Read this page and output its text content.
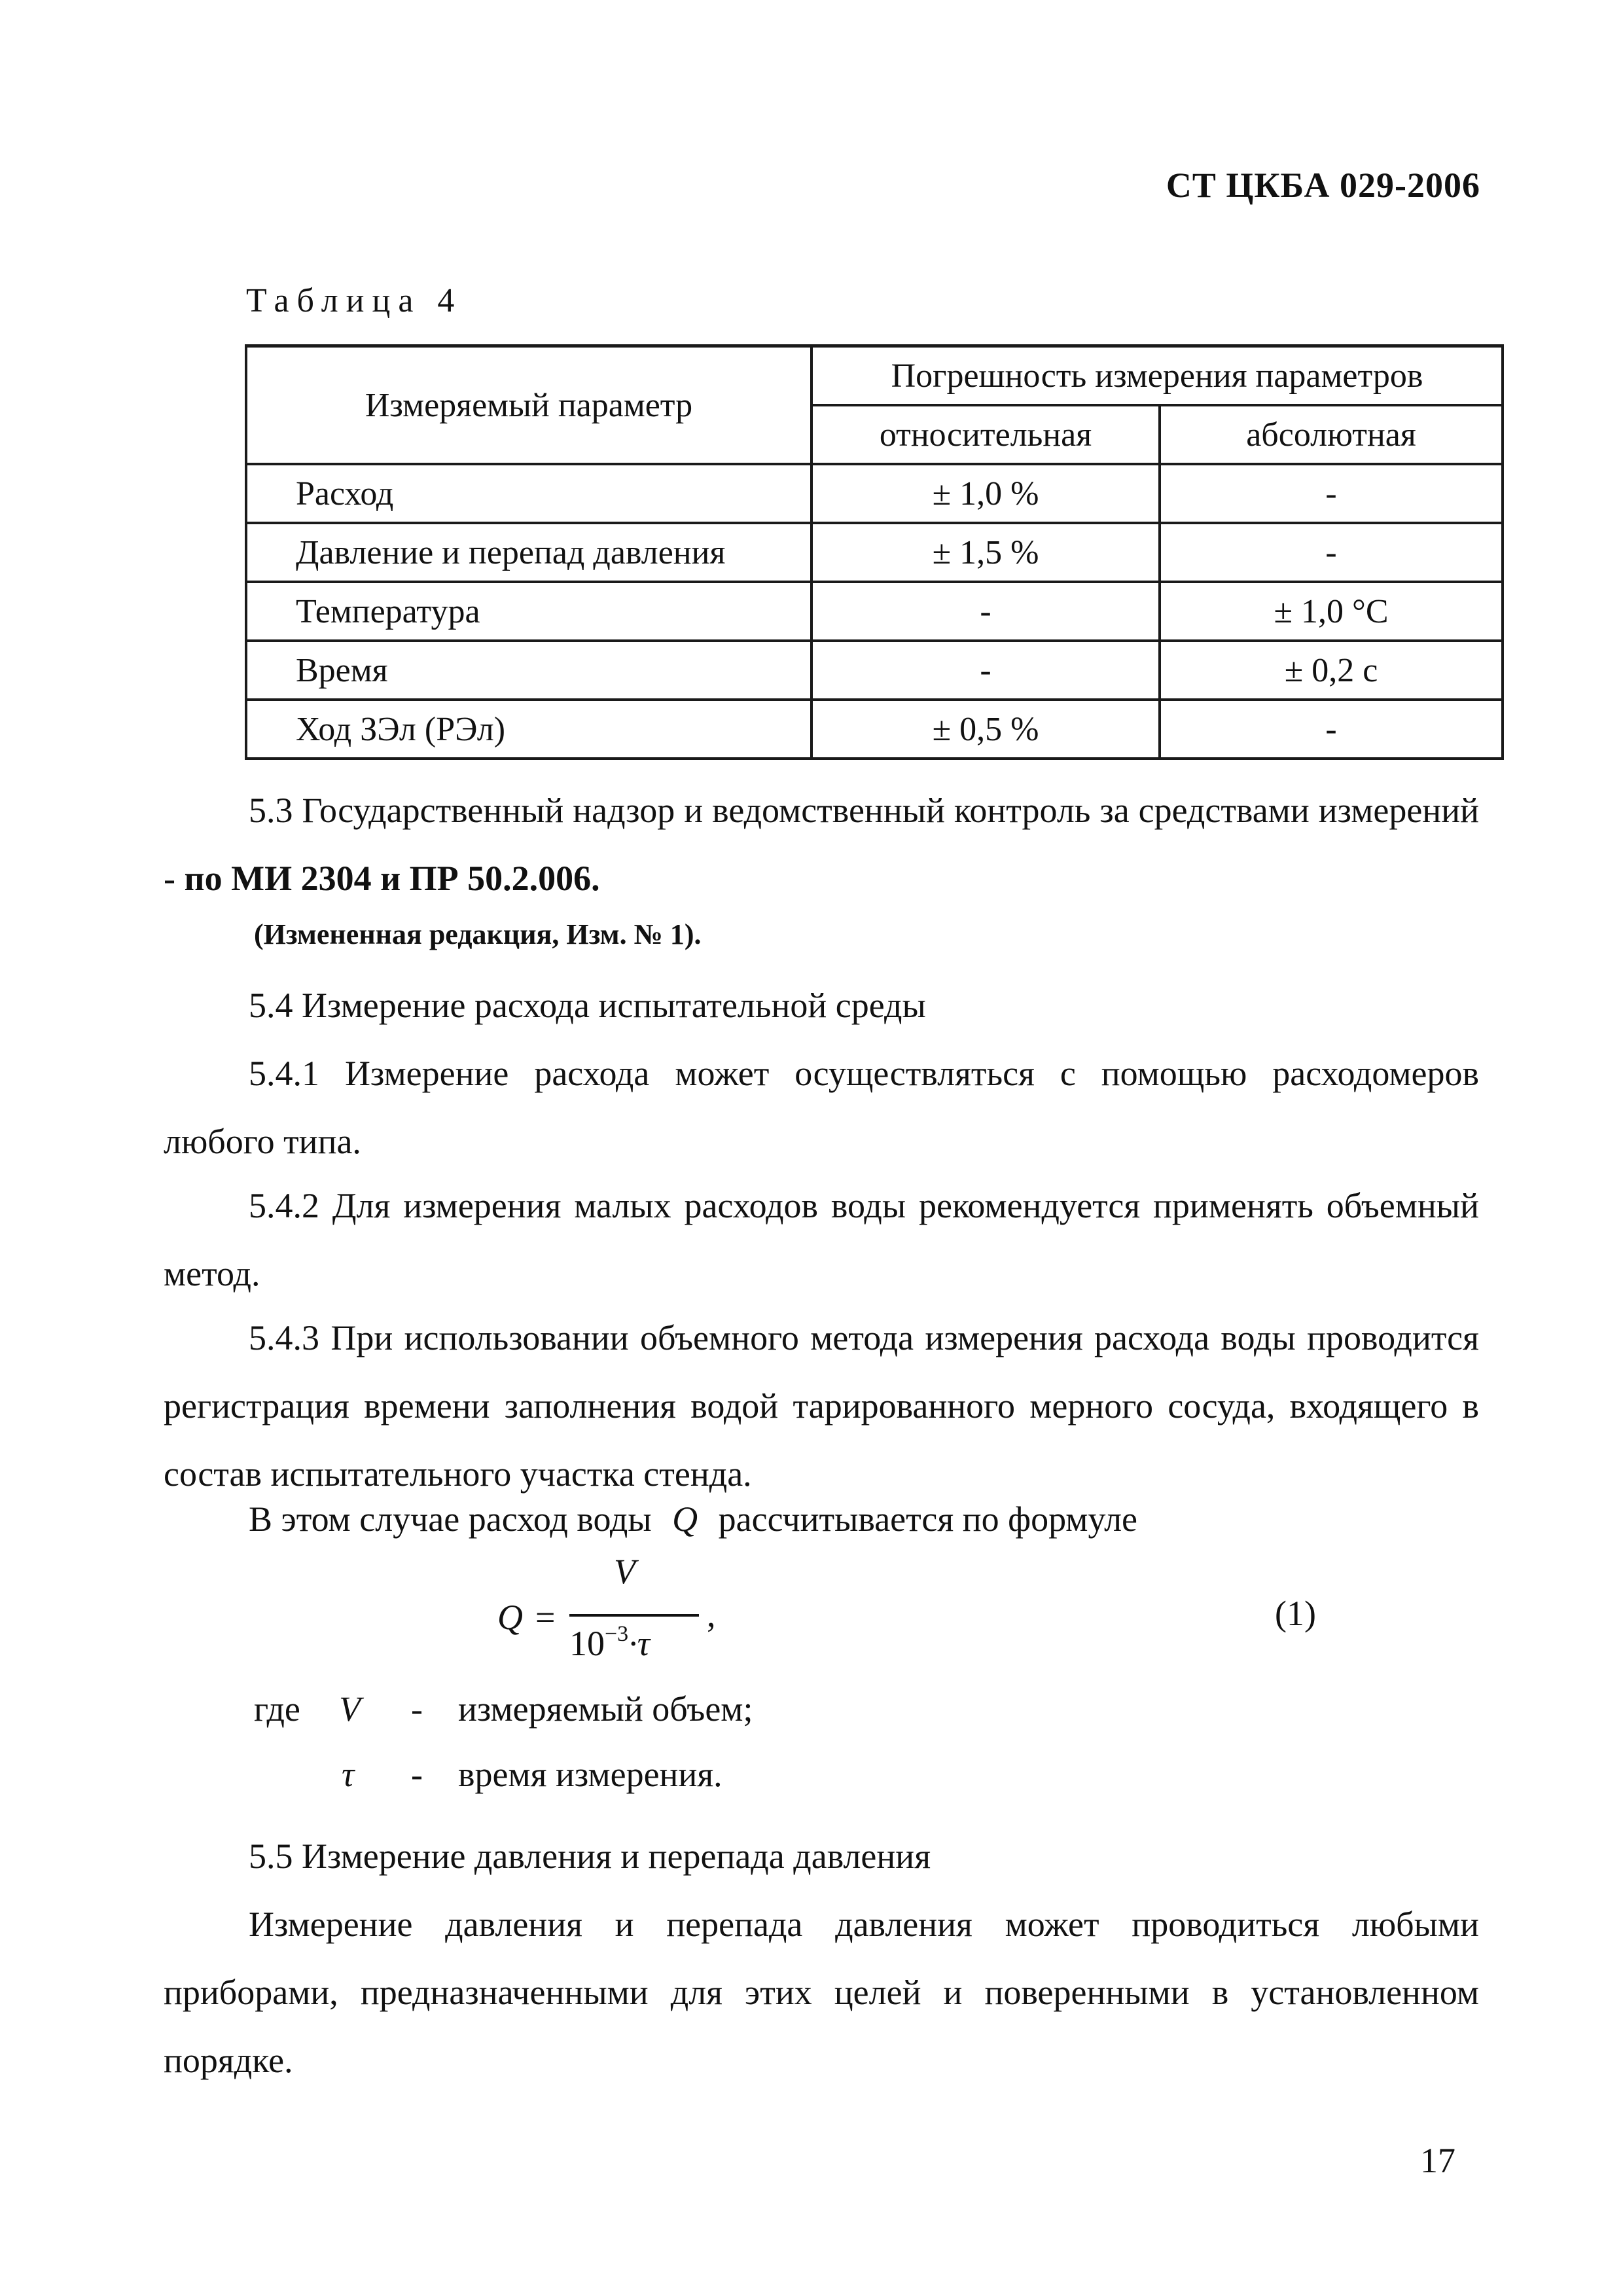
СТ ЦКБА 029-2006
Таблица 4
Измеряемый параметр	Погрешность измерения параметров	
	относительная	абсолютная
Расход	± 1,0 %	-
Давление и перепад давления	± 1,5 %	-
Температура	-	± 1,0 °С
Время	-	± 0,2 с
Ход ЗЭл (РЭл)	± 0,5 %	-

5.3 Государственный надзор и ведомственный контроль за средствами измерений - по МИ 2304 и ПР 50.2.006.

(Измененная редакция, Изм. № 1).

5.4 Измерение расхода испытательной среды

5.4.1 Измерение расхода может осуществляться с помощью расходомеров любого типа.

5.4.2 Для измерения малых расходов воды рекомендуется применять объемный метод.

5.4.3 При использовании объемного метода измерения расхода воды проводится регистрация времени заполнения водой тарированного мерного сосуда, входящего в состав испытательного участка стенда.

В этом случае расход воды Q рассчитывается по формуле
Q =
V
$10^{-3}\cdot\tau$
,	(1)
где V - измеряемый объем;
τ - время измерения.

5.5 Измерение давления и перепада давления

Измерение давления и перепада давления может проводиться любыми приборами, предназначенными для этих целей и поверенными в установленном порядке.

17
